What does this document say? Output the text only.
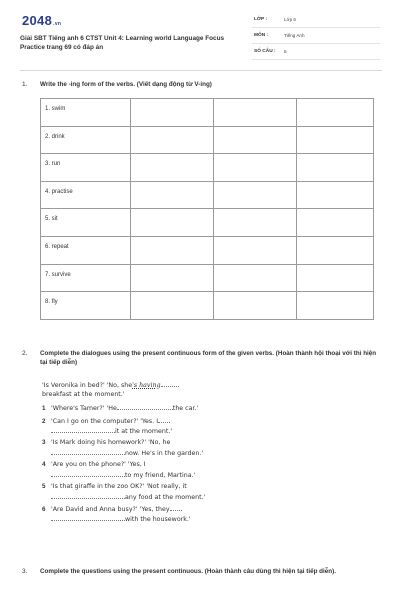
2048.vn
Giải SBT Tiếng anh 6 CTST Unit 4: Learning world Language Focus Practice trang 69 có đáp án
LỚP :	Lớp 6
MÔN :	Tiếng Anh
SỐ CÂU : 5
1. Write the -ing form of the verbs. (Viết dạng động từ V-ing)
1. swim			
2. drink			
3. run			
4. practise			
5. sit			
6. repeat			
7. survive			
8. fly			
2. Complete the dialogues using the present continuous form of the given verbs. (Hoàn thành hội thoại với thì hiện tại tiếp diễn)
'Is Veronika in bed?' 'No, she's having
breakfast at the moment.'
1 'Where's Tamer?' 'He	the car.'
2 'Can I go on the computer?' 'Yes. I
it at the moment.'
3 'Is Mark doing his homework?' 'No, he
now. He's in the garden.'
4 'Are you on the phone?' 'Yes, I
to my friend, Martina.'
5 'Is that giraffe in the zoo OK?' 'Not really, it
any food at the moment.'
6 'Are David and Anna busy?' 'Yes, they
with the housework.'
3. Complete the questions using the present continuous. (Hoàn thành câu dùng thì hiện tại tiếp diễn).
